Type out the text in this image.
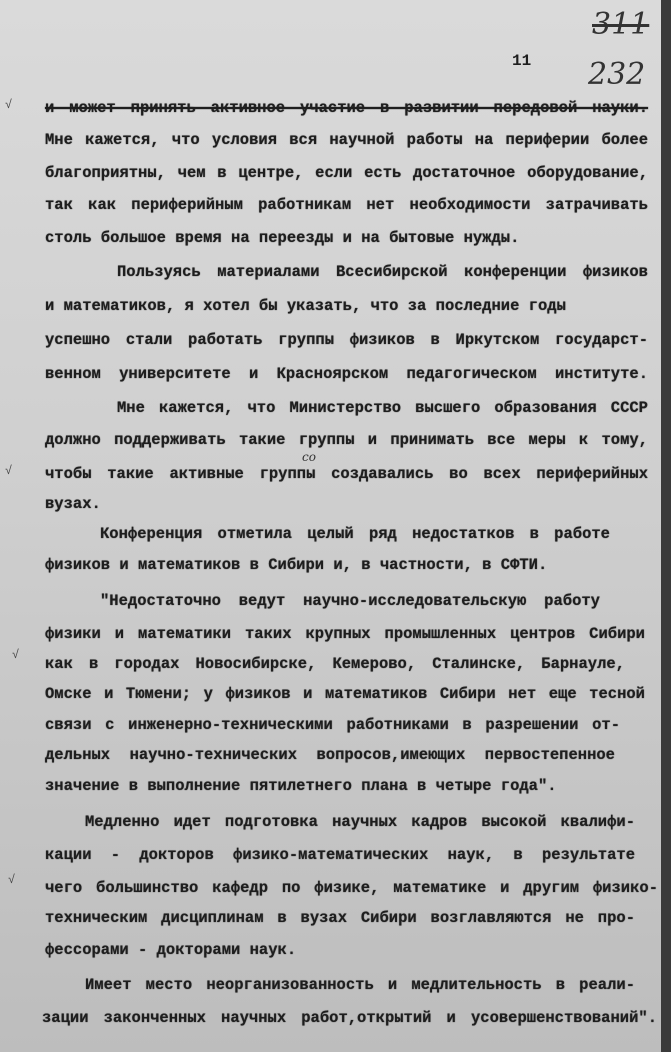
11
311
232
со
√
√
√
√
и может принять активное участие в развитии передовой науки.
Мне кажется, что условия вся научной работы на периферии более
благоприятны, чем в центре, если есть достаточное оборудование,
так как периферийным работникам нет необходимости затрачивать
столь большое время на переезды и на бытовые нужды.
Пользуясь материалами Всесибирской конференции физиков
и математиков, я хотел бы указать, что за последние годы
успешно стали работать группы физиков в Иркутском государст-
венном университете и Красноярском педагогическом институте.
Мне кажется, что Министерство высшего образования СССР
должно поддерживать такие группы и принимать все меры к тому,
чтобы такие активные группы создавались во всех периферийных
вузах.
Конференция отметила целый ряд недостатков в работе
физиков и математиков в Сибири и, в частности, в СФТИ.
"Недостаточно ведут научно-исследовательскую работу
физики и математики таких крупных промышленных центров Сибири
как в городах Новосибирске, Кемерово, Сталинске, Барнауле,
Омске и Тюмени; у физиков и математиков Сибири нет еще тесной
связи с инженерно-техническими работниками в разрешении от-
дельных научно-технических вопросов,имеющих первостепенное
значение в выполнение пятилетнего плана в четыре года".
Медленно идет подготовка научных кадров высокой квалифи-
кации - докторов физико-математических наук, в результате
чего большинство кафедр по физике, математике и другим физико-
техническим дисциплинам в вузах Сибири возглавляются не про-
фессорами - докторами наук.
Имеет место неорганизованность и медлительность в реали-
зации законченных научных работ,открытий и усовершенствований".
